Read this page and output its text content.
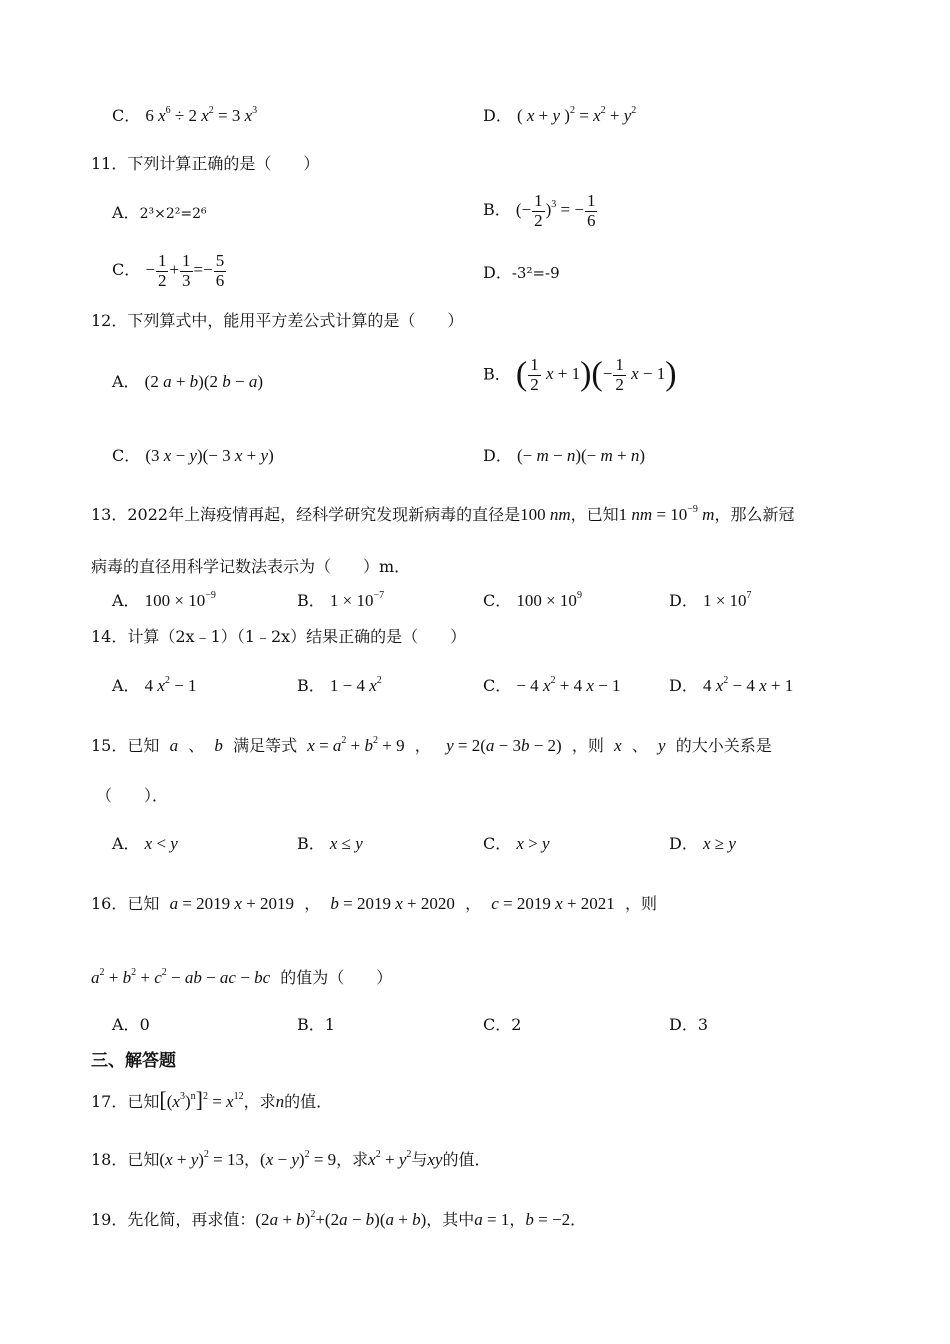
C． 6 $x^6 \div 2$ $x^2 = 3$ $x^3$	D． ( x + y )$^2 = x^2 + y^2$
11．下列计算正确的是（　　）
A．2³×2²=2⁶	B． (− $\frac{1}{2} )^3$ = − $\frac{1}{6}$
C． − $\frac{1}{2} + \frac{1}{3} =- \frac{5}{6}$	D．-3²=-9
12．下列算式中，能用平方差公式计算的是（　　）
A． (2 a + b)(2 b − a)	B． ( $\frac{1}{2}$ $x + 1)(- \frac{1}{2}$ x − 1)
C． (3 x − y)(− 3 x + y)	D． (− m − n)(− m + n)
13．2022年上海疫情再起，经科学研究发现新病毒的直径是100 nm，已知1 nm = $10^{-9}$ m，那么新冠
病毒的直径用科学记数法表示为（　　）m．
A． $100 \times 10^{-9}$	B． $1 \times 10^{-7}$	C． $100 \times 10^9$	D． $1 \times 10^7$
14．计算（2x﹣1）（1﹣2x）结果正确的是（　　）
A． 4 $x^2 - 1$	B． 1 − 4 $x^2$	C． − 4 $x^2 + 4$ x − 1	D． 4 $x^2 - 4$ x + 1
15．已知 a 、 b 满足等式 $x = a^2 + b^2 + 9$ ， y = 2(a − 3b − 2) ，则 x 、 y 的大小关系是
（　　）．
A． x < y	B． x ≤ y	C． x > y	D． x ≥ y
16．已知 a = 2019 x + 2019 ， b = 2019 x + 2020 ， c = 2019 x + 2021 ，则
$a^2 + b^2 + c^2$ − ab − ac − bc 的值为（　　）
A．0	B．1	C．2	D．3
三、解答题
17．已知$[(x^3)^n]^2 = x^{12}$，求n的值．
18．已知$(x + y)^2 = 13$，$(x - y)^2 = 9$，求$x^2 + y^2$与xy的值．
19．先化简，再求值：$(2a + b)^2+(2a - b)(a + b)$，其中a = 1，b = −2．
